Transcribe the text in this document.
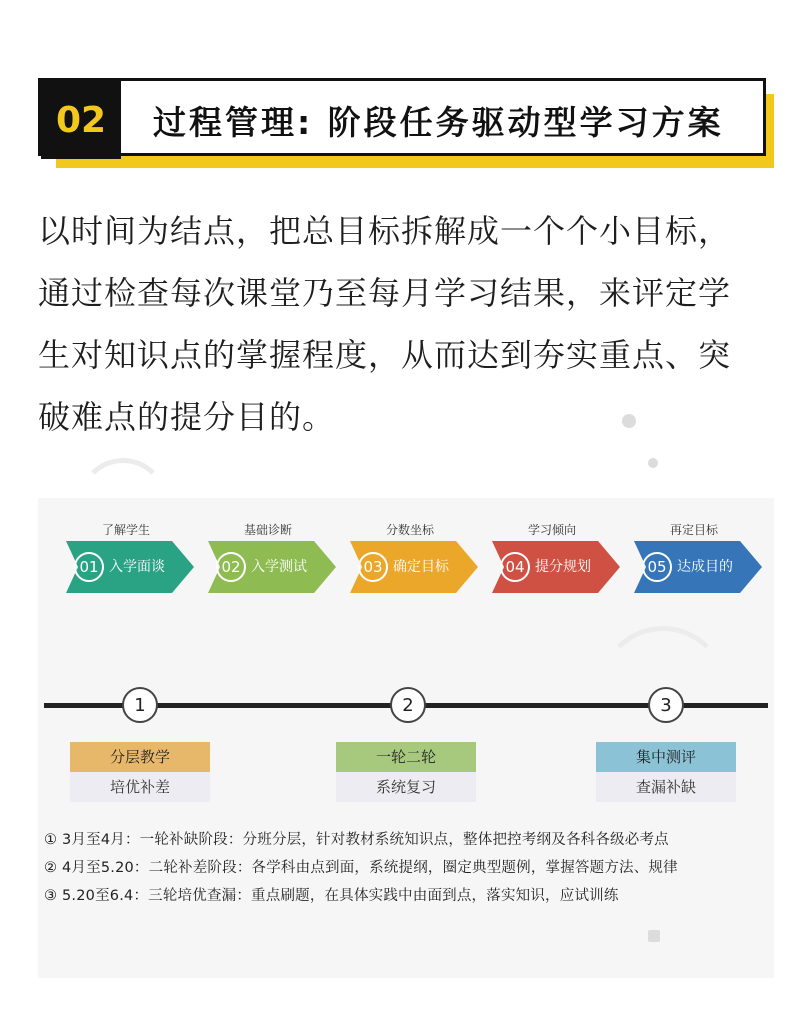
02	过程管理: 阶段任务驱动型学习方案
以时间为结点，把总目标拆解成一个个小目标，
通过检查每次课堂乃至每月学习结果，来评定学
生对知识点的掌握程度，从而达到夯实重点、突
破难点的提分目的。
了解学生
01 入学面谈
基础诊断
02 入学测试
分数坐标
03 确定目标
学习倾向
04 提分规划
再定目标
05 达成目的
1	2	3
分层教学
培优补差
一轮二轮
系统复习
集中测评
查漏补缺
① 3月至4月：一轮补缺阶段：分班分层，针对教材系统知识点，整体把控考纲及各科各级必考点
② 4月至5.20：二轮补差阶段：各学科由点到面，系统提纲，圈定典型题例，掌握答题方法、规律
③ 5.20至6.4：三轮培优查漏：重点刷题，在具体实践中由面到点，落实知识，应试训练
